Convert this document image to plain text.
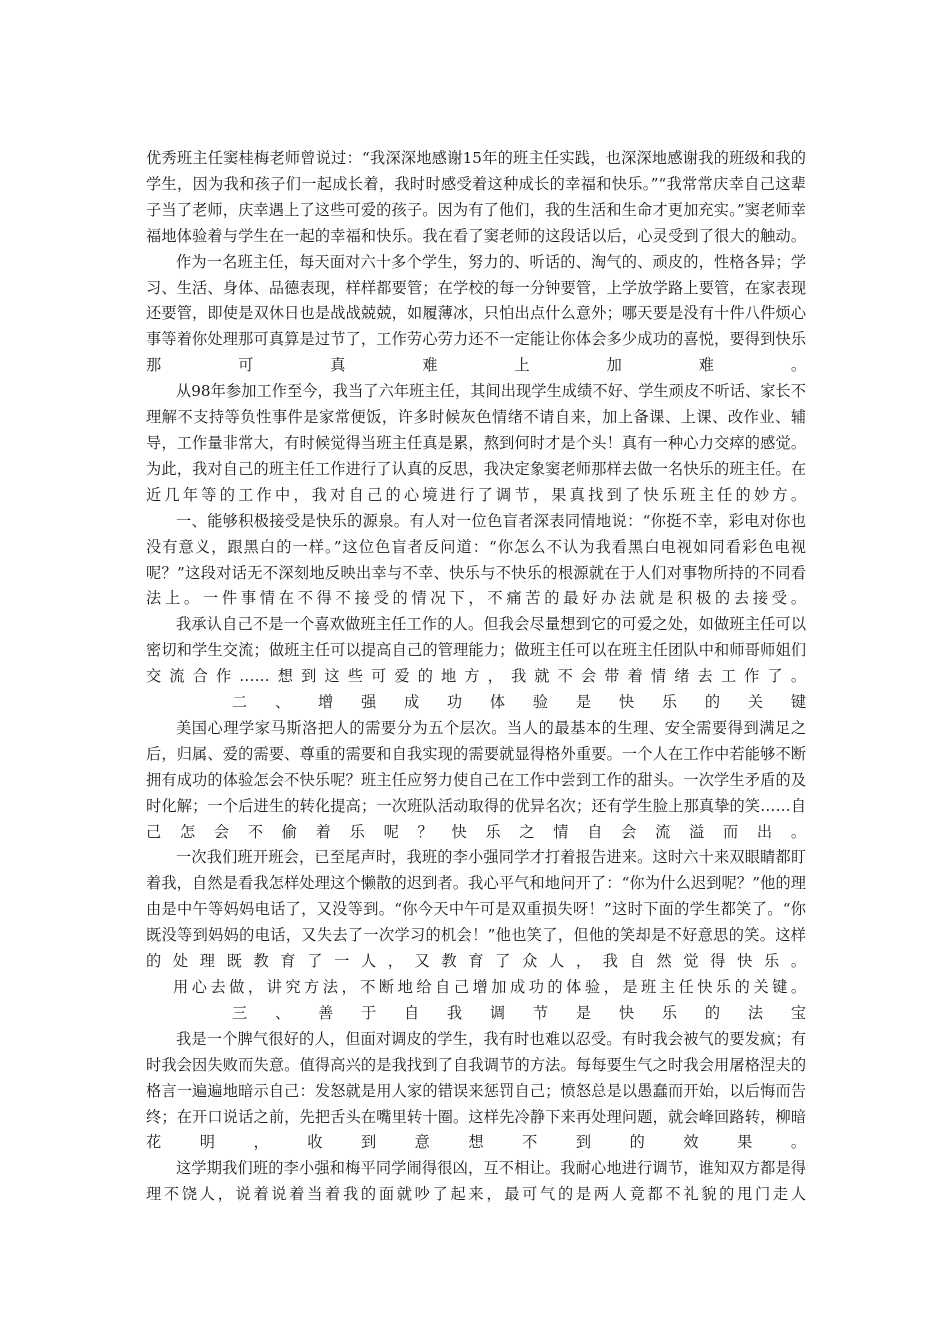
优秀班主任窦桂梅老师曾说过：“我深深地感谢15年的班主任实践，也深深地感谢我的班级和我的学生，因为我和孩子们一起成长着，我时时感受着这种成长的幸福和快乐。”“我常常庆幸自己这辈子当了老师，庆幸遇上了这些可爱的孩子。因为有了他们，我的生活和生命才更加充实。”窦老师幸福地体验着与学生在一起的幸福和快乐。我在看了窦老师的这段话以后，心灵受到了很大的触动。

作为一名班主任，每天面对六十多个学生，努力的、听话的、淘气的、顽皮的，性格各异；学习、生活、身体、品德表现，样样都要管；在学校的每一分钟要管，上学放学路上要管，在家表现还要管，即使是双休日也是战战兢兢，如履薄冰，只怕出点什么意外；哪天要是没有十件八件烦心事等着你处理那可真算是过节了，工作劳心劳力还不一定能让你体会多少成功的喜悦，要得到快乐那可真难上加难。

从98年参加工作至今，我当了六年班主任，其间出现学生成绩不好、学生顽皮不听话、家长不理解不支持等负性事件是家常便饭，许多时候灰色情绪不请自来，加上备课、上课、改作业、辅导，工作量非常大，有时候觉得当班主任真是累，熬到何时才是个头！真有一种心力交瘁的感觉。为此，我对自己的班主任工作进行了认真的反思，我决定象窦老师那样去做一名快乐的班主任。在近几年等的工作中，我对自己的心境进行了调节，果真找到了快乐班主任的妙方。

一、能够积极接受是快乐的源泉。有人对一位色盲者深表同情地说：“你挺不幸，彩电对你也没有意义，跟黑白的一样。”这位色盲者反问道：“你怎么不认为我看黑白电视如同看彩色电视呢？”这段对话无不深刻地反映出幸与不幸、快乐与不快乐的根源就在于人们对事物所持的不同看法上。一件事情在不得不接受的情况下，不痛苦的最好办法就是积极的去接受。

我承认自己不是一个喜欢做班主任工作的人。但我会尽量想到它的可爱之处，如做班主任可以密切和学生交流；做班主任可以提高自己的管理能力；做班主任可以在班主任团队中和师哥师姐们交流合作……想到这些可爱的地方，我就不会带着情绪去工作了。

二、增强成功体验是快乐的关键

美国心理学家马斯洛把人的需要分为五个层次。当人的最基本的生理、安全需要得到满足之后，归属、爱的需要、尊重的需要和自我实现的需要就显得格外重要。一个人在工作中若能够不断拥有成功的体验怎会不快乐呢？班主任应努力使自己在工作中尝到工作的甜头。一次学生矛盾的及时化解；一个后进生的转化提高；一次班队活动取得的优异名次；还有学生脸上那真挚的笑……自己怎会不偷着乐呢？快乐之情自会流溢而出。

一次我们班开班会，已至尾声时，我班的李小强同学才打着报告进来。这时六十来双眼睛都盯着我，自然是看我怎样处理这个懒散的迟到者。我心平气和地问开了：“你为什么迟到呢？”他的理由是中午等妈妈电话了，又没等到。“你今天中午可是双重损失呀！”这时下面的学生都笑了。“你既没等到妈妈的电话，又失去了一次学习的机会！”他也笑了，但他的笑却是不好意思的笑。这样的处理既教育了一人，又教育了众人，我自然觉得快乐。

用心去做，讲究方法，不断地给自己增加成功的体验，是班主任快乐的关键。

三、善于自我调节是快乐的法宝

我是一个脾气很好的人，但面对调皮的学生，我有时也难以忍受。有时我会被气的要发疯；有时我会因失败而失意。值得高兴的是我找到了自我调节的方法。每每要生气之时我会用屠格涅夫的格言一遍遍地暗示自己：发怒就是用人家的错误来惩罚自己；愤怒总是以愚蠢而开始，以后悔而告终；在开口说话之前，先把舌头在嘴里转十圈。这样先冷静下来再处理问题，就会峰回路转，柳暗花明，收到意想不到的效果。

这学期我们班的李小强和梅平同学闹得很凶，互不相让。我耐心地进行调节，谁知双方都是得理不饶人，说着说着当着我的面就吵了起来，最可气的是两人竟都不礼貌的甩门走人
